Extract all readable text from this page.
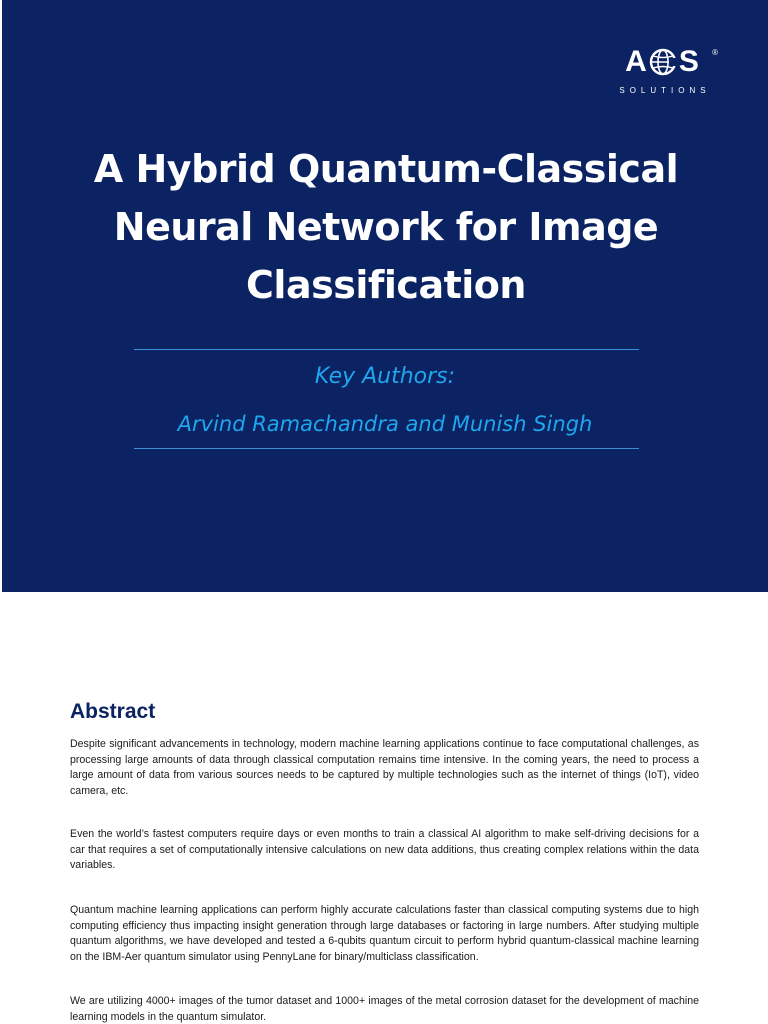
A S ®
SOLUTIONS
A Hybrid Quantum-Classical Neural Network for Image Classification
Key Authors:
Arvind Ramachandra and Munish Singh
Abstract

Despite significant advancements in technology, modern machine learning applications continue to face computational challenges, as processing large amounts of data through classical computation remains time intensive. In the coming years, the need to process a large amount of data from various sources needs to be captured by multiple technologies such as the internet of things (IoT), video camera, etc.

Even the world’s fastest computers require days or even months to train a classical AI algorithm to make self-driving decisions for a car that requires a set of computationally intensive calculations on new data additions, thus creating complex relations within the data variables.

Quantum machine learning applications can perform highly accurate calculations faster than classical computing systems due to high computing efficiency thus impacting insight generation through large databases or factoring in large numbers. After studying multiple quantum algorithms, we have developed and tested a 6-qubits quantum circuit to perform hybrid quantum-classical machine learning on the IBM-Aer quantum simulator using PennyLane for binary/multiclass classification.

We are utilizing 4000+ images of the tumor dataset and 1000+ images of the metal corrosion dataset for the development of machine learning models in the quantum simulator.
